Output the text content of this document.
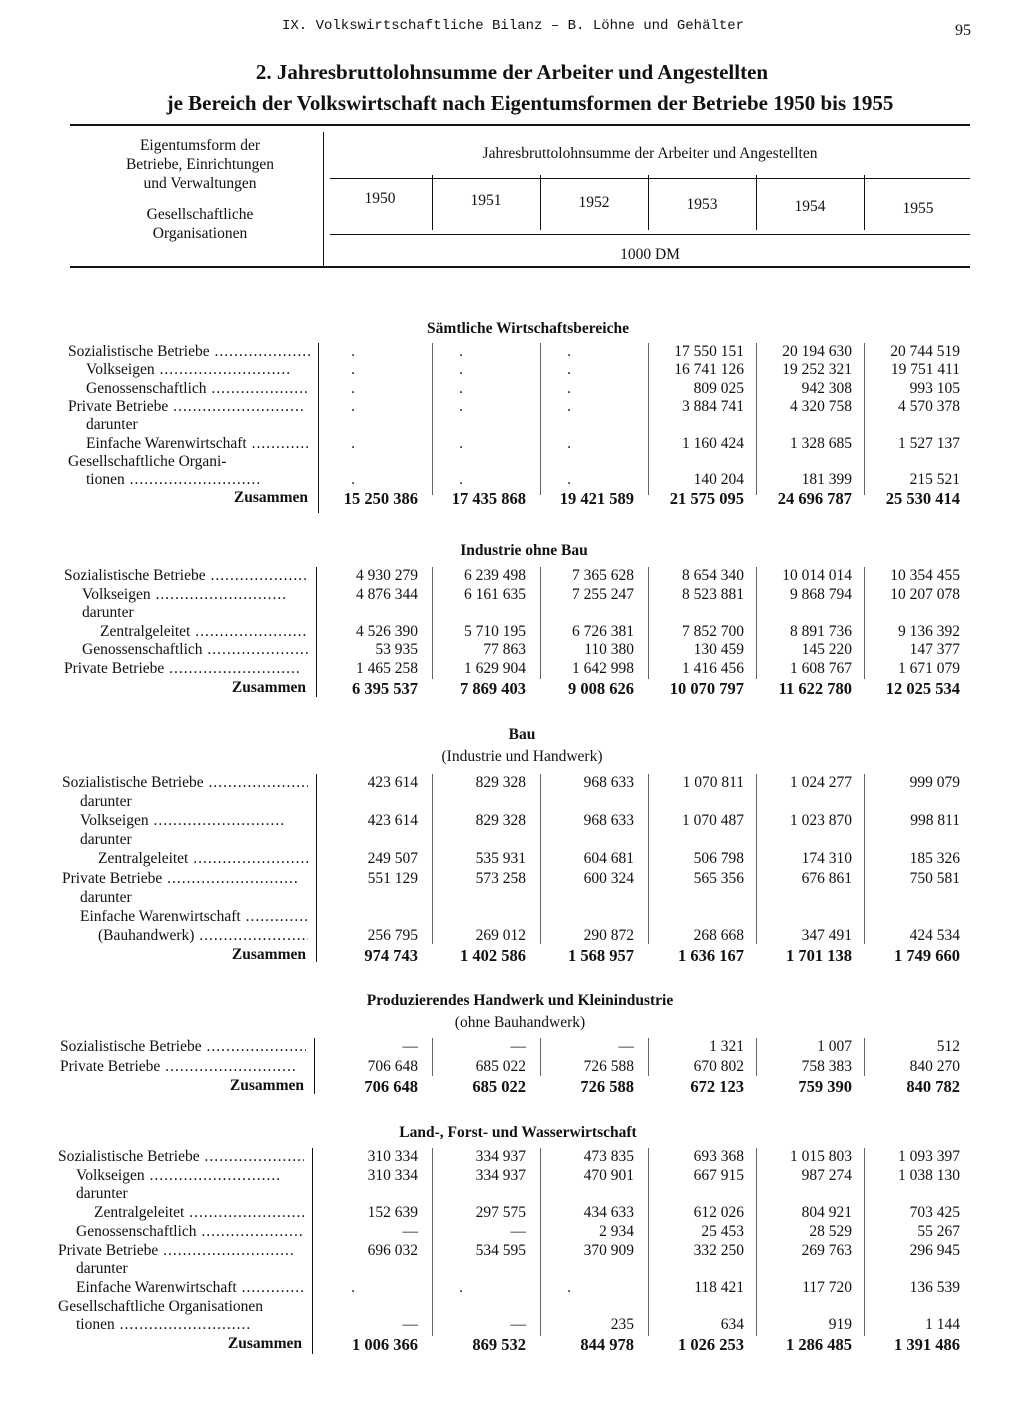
IX. Volkswirtschaftliche Bilanz – B. Löhne und Gehälter	95
2. Jahresbruttolohnsumme der Arbeiter und Angestellten
je Bereich der Volkswirtschaft nach Eigentumsformen der Betriebe 1950 bis 1955
Eigentumsform der
Betriebe, Einrichtungen
und Verwaltungen
Gesellschaftliche
Organisationen
Jahresbruttolohnsumme der Arbeiter und Angestellten
1950	1951	1952	1953	1954	1955
1000 DM
Sämtliche Wirtschaftsbereiche
Sozialistische Betriebe .....	.	.	.	17 550 151	20 194 630	20 744 519
Volkseigen .....	.	.	.	16 741 126	19 252 321	19 751 411
Genossenschaftlich .....	.	.	.	809 025	942 308	993 105
Private Betriebe .....	.	.	.	3 884 741	4 320 758	4 570 378
darunter
Einfache Warenwirtschaft .....	.	.	.	1 160 424	1 328 685	1 527 137
Gesellschaftliche Organi-
tionen .....	.	.	.	140 204	181 399	215 521
Zusammen	15 250 386	17 435 868	19 421 589	21 575 095	24 696 787	25 530 414
Industrie ohne Bau
Sozialistische Betriebe .....	4 930 279	6 239 498	7 365 628	8 654 340	10 014 014	10 354 455
Volkseigen .....	4 876 344	6 161 635	7 255 247	8 523 881	9 868 794	10 207 078
darunter
Zentralgeleitet .....	4 526 390	5 710 195	6 726 381	7 852 700	8 891 736	9 136 392
Genossenschaftlich .....	53 935	77 863	110 380	130 459	145 220	147 377
Private Betriebe .....	1 465 258	1 629 904	1 642 998	1 416 456	1 608 767	1 671 079
Zusammen	6 395 537	7 869 403	9 008 626	10 070 797	11 622 780	12 025 534
Bau
(Industrie und Handwerk)
Sozialistische Betriebe .....	423 614	829 328	968 633	1 070 811	1 024 277	999 079
darunter
Volkseigen .....	423 614	829 328	968 633	1 070 487	1 023 870	998 811
darunter
Zentralgeleitet .....	249 507	535 931	604 681	506 798	174 310	185 326
Private Betriebe .....	551 129	573 258	600 324	565 356	676 861	750 581
darunter
Einfache Warenwirtschaft .....
(Bauhandwerk) .....	256 795	269 012	290 872	268 668	347 491	424 534
Zusammen	974 743	1 402 586	1 568 957	1 636 167	1 701 138	1 749 660
Produzierendes Handwerk und Kleinindustrie
(ohne Bauhandwerk)
Sozialistische Betriebe .....	—	—	—	1 321	1 007	512
Private Betriebe .....	706 648	685 022	726 588	670 802	758 383	840 270
Zusammen	706 648	685 022	726 588	672 123	759 390	840 782
Land-, Forst- und Wasserwirtschaft
Sozialistische Betriebe .....	310 334	334 937	473 835	693 368	1 015 803	1 093 397
Volkseigen .....	310 334	334 937	470 901	667 915	987 274	1 038 130
darunter
Zentralgeleitet .....	152 639	297 575	434 633	612 026	804 921	703 425
Genossenschaftlich .....	—	—	2 934	25 453	28 529	55 267
Private Betriebe .....	696 032	534 595	370 909	332 250	269 763	296 945
darunter
Einfache Warenwirtschaft .....	.	.	.	118 421	117 720	136 539
Gesellschaftliche Organisationen
tionen .....	—	—	235	634	919	1 144
Zusammen	1 006 366	869 532	844 978	1 026 253	1 286 485	1 391 486
